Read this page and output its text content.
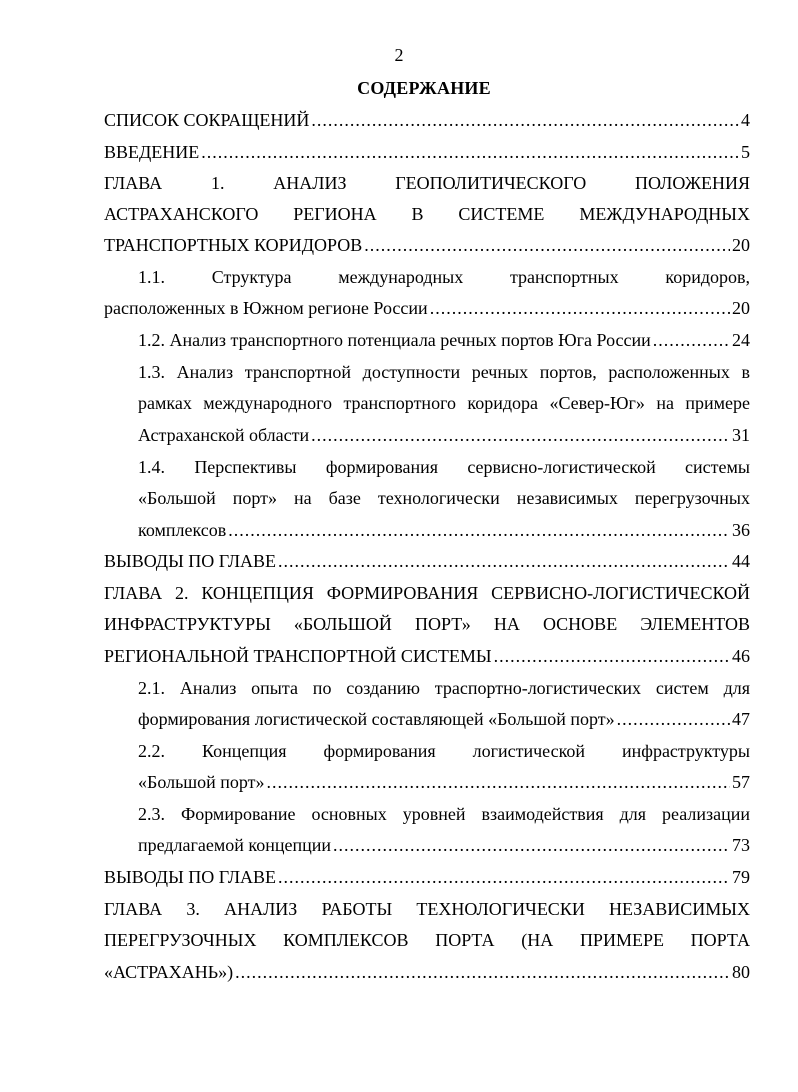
2
СОДЕРЖАНИЕ
СПИСОК СОКРАЩЕНИЙ .....	4
ВВЕДЕНИЕ .....	5
ГЛАВА 1. АНАЛИЗ ГЕОПОЛИТИЧЕСКОГО ПОЛОЖЕНИЯ
АСТРАХАНСКОГО РЕГИОНА В СИСТЕМЕ МЕЖДУНАРОДНЫХ
ТРАНСПОРТНЫХ КОРИДОРОВ .....	20
1.1. Структура международных транспортных коридоров,
расположенных в Южном регионе России .....	20
1.2. Анализ транспортного потенциала речных портов Юга России .....	24
1.3. Анализ транспортной доступности речных портов, расположенных в
рамках международного транспортного коридора «Север-Юг» на примере
Астраханской области .....	31
1.4. Перспективы формирования сервисно-логистической системы
«Большой порт» на базе технологически независимых перегрузочных
комплексов .....	36
ВЫВОДЫ ПО ГЛАВЕ .....	44
ГЛАВА 2. КОНЦЕПЦИЯ ФОРМИРОВАНИЯ СЕРВИСНО-ЛОГИСТИЧЕСКОЙ
ИНФРАСТРУКТУРЫ «БОЛЬШОЙ ПОРТ» НА ОСНОВЕ ЭЛЕМЕНТОВ
РЕГИОНАЛЬНОЙ ТРАНСПОРТНОЙ СИСТЕМЫ .....	46
2.1. Анализ опыта по созданию траспортно-логистических систем для
формирования логистической составляющей «Большой порт» .....	47
2.2. Концепция формирования логистической инфраструктуры
«Большой порт» .....	57
2.3. Формирование основных уровней взаимодействия для реализации
предлагаемой концепции .....	73
ВЫВОДЫ ПО ГЛАВЕ .....	79
ГЛАВА 3. АНАЛИЗ РАБОТЫ ТЕХНОЛОГИЧЕСКИ НЕЗАВИСИМЫХ
ПЕРЕГРУЗОЧНЫХ КОМПЛЕКСОВ ПОРТА (НА ПРИМЕРЕ ПОРТА
«АСТРАХАНЬ») .....	80
